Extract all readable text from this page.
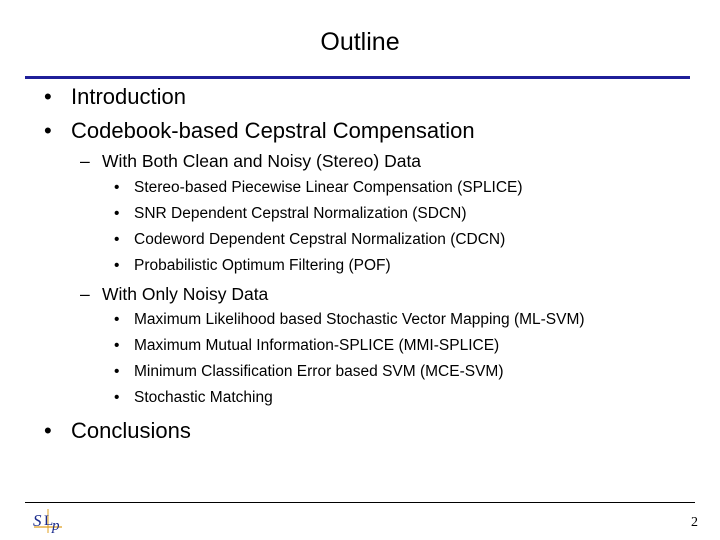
Outline
• Introduction
• Codebook-based Cepstral Compensation
– With Both Clean and Noisy (Stereo) Data
• Stereo-based Piecewise Linear Compensation (SPLICE)
• SNR Dependent Cepstral Normalization (SDCN)
• Codeword Dependent Cepstral Normalization (CDCN)
• Probabilistic Optimum Filtering (POF)
– With Only Noisy Data
• Maximum Likelihood based Stochastic Vector Mapping (ML-SVM)
• Maximum Mutual Information-SPLICE (MMI-SPLICE)
• Minimum Classification Error based SVM (MCE-SVM)
• Stochastic Matching
• Conclusions
S L
p	2
